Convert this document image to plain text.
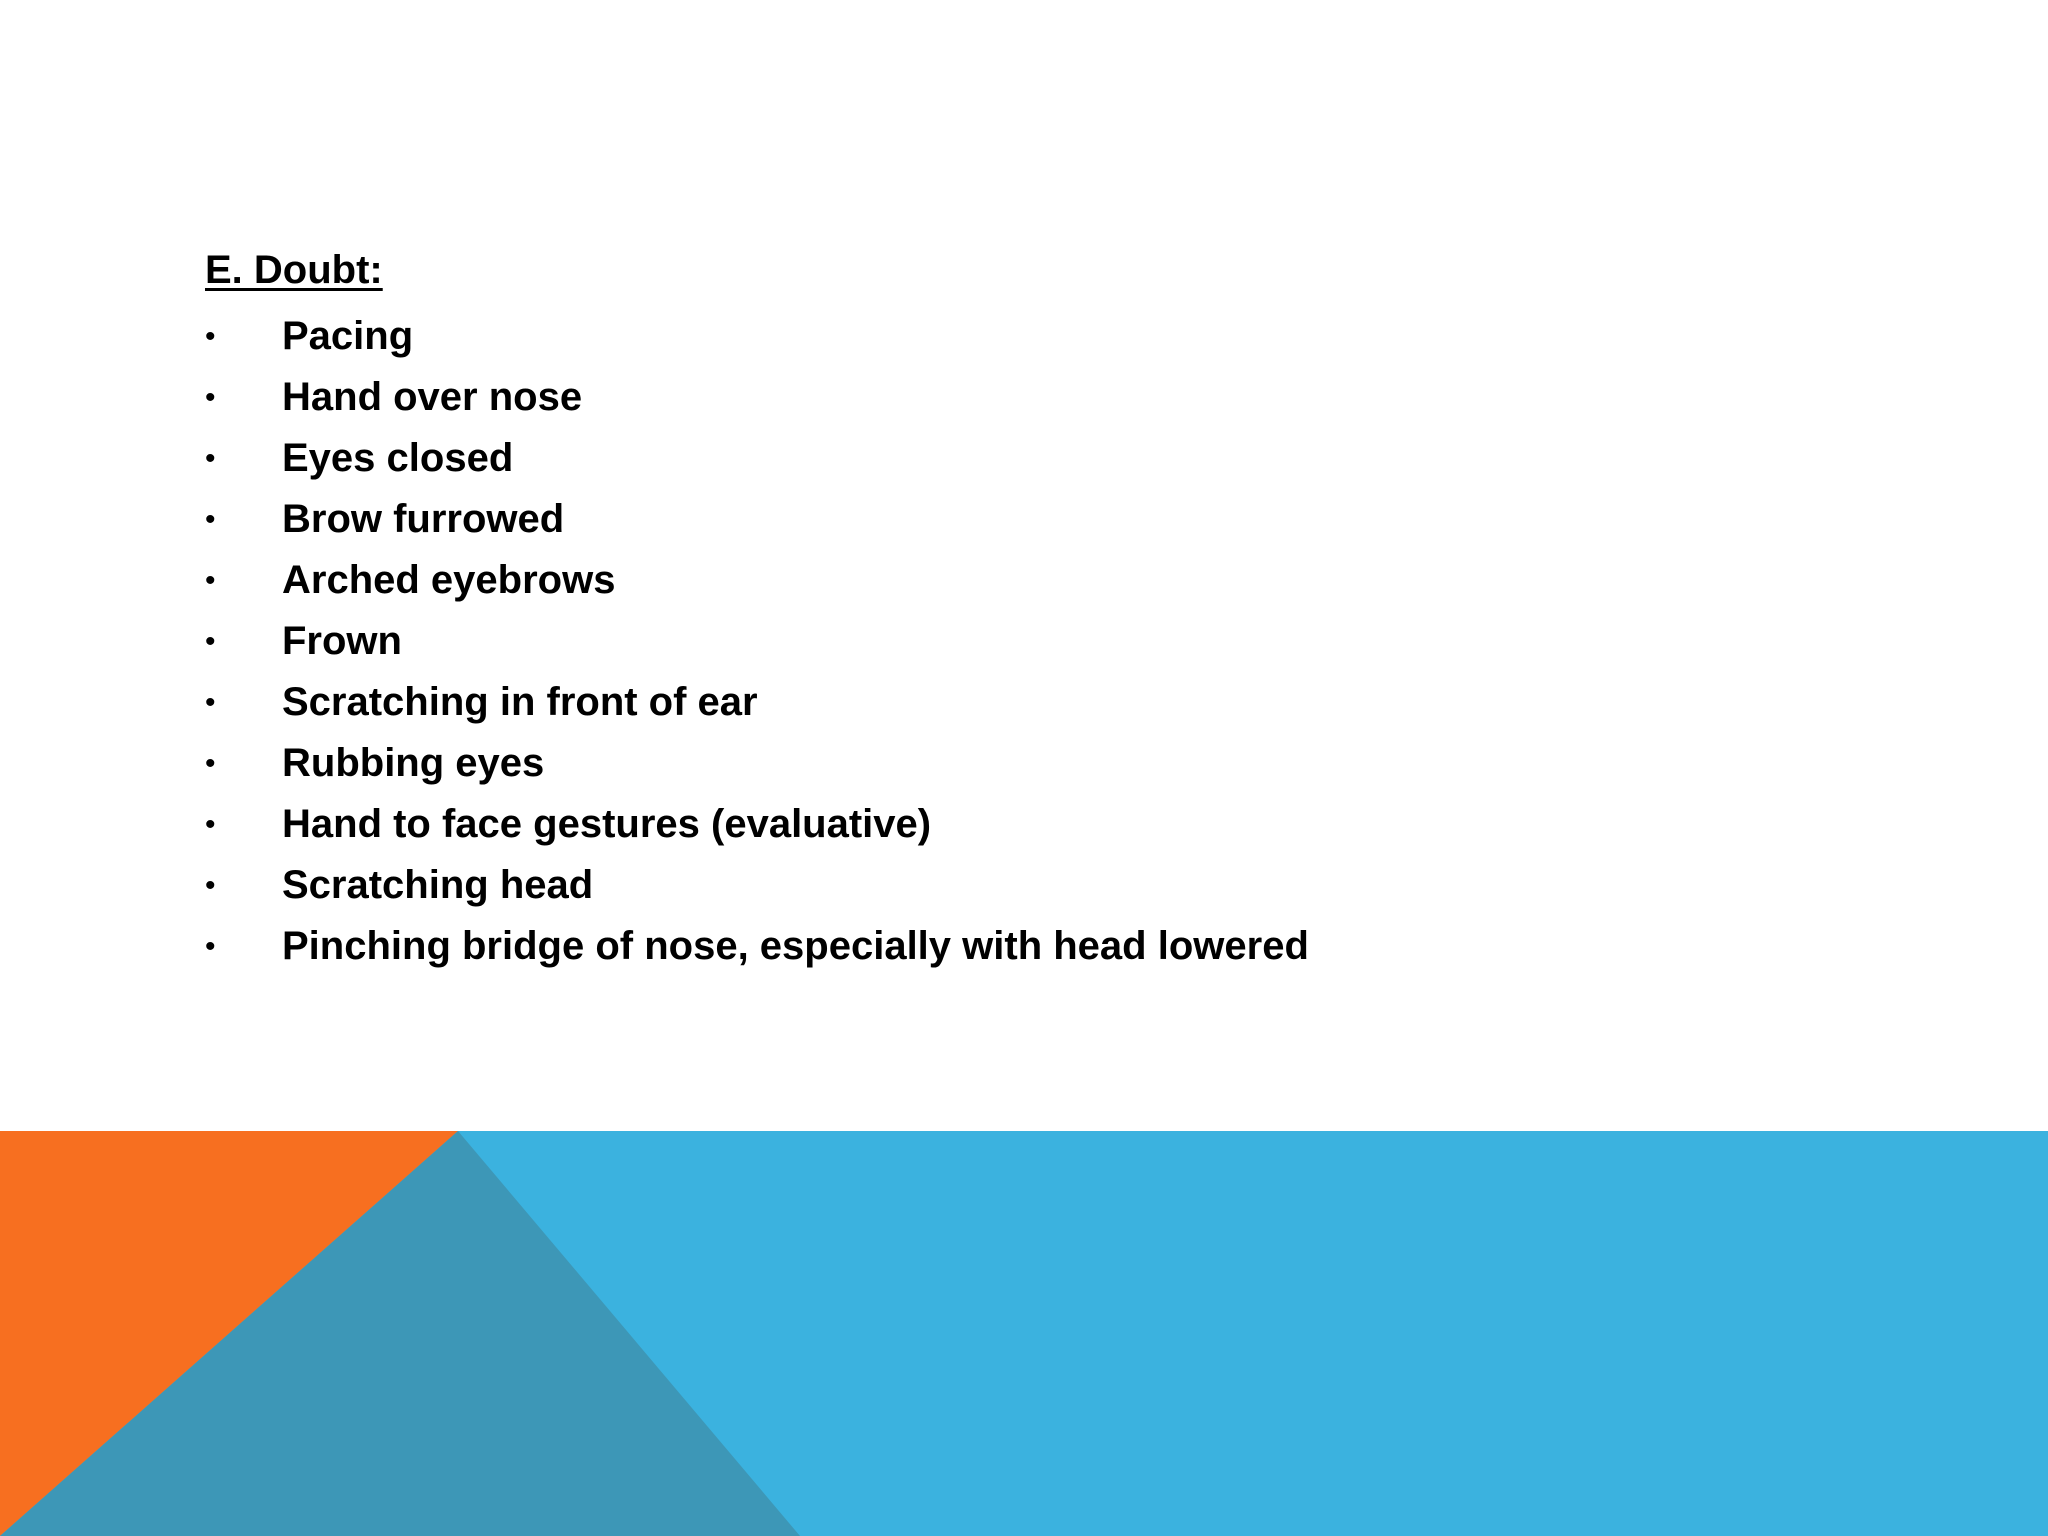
E. Doubt:
•	Pacing
•	Hand over nose
•	Eyes closed
•	Brow furrowed
•	Arched eyebrows
•	Frown
•	Scratching in front of ear
•	Rubbing eyes
•	Hand to face gestures (evaluative)
•	Scratching head
•	Pinching bridge of nose, especially with head lowered
